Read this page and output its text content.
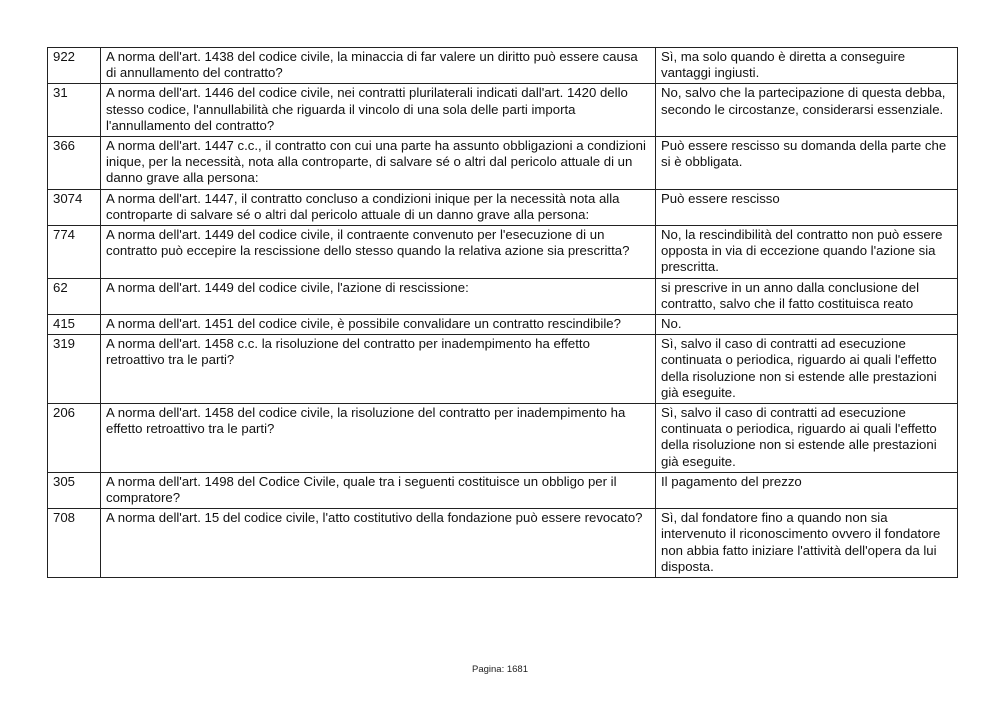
922	A norma dell'art. 1438 del codice civile, la minaccia di far valere un diritto può essere causa di annullamento del contratto?	Sì, ma solo quando è diretta a conseguire vantaggi ingiusti.
31	A norma dell'art. 1446 del codice civile, nei contratti plurilaterali indicati dall'art. 1420 dello stesso codice, l'annullabilità che riguarda il vincolo di una sola delle parti importa l'annullamento del contratto?	No, salvo che la partecipazione di questa debba, secondo le circostanze, considerarsi essenziale.
366	A norma dell'art. 1447 c.c., il contratto con cui una parte ha assunto obbligazioni a condizioni inique, per la necessità, nota alla controparte, di salvare sé o altri dal pericolo attuale di un danno grave alla persona:	Può essere rescisso su domanda della parte che si è obbligata.
3074	A norma dell'art. 1447, il contratto concluso a condizioni inique per la necessità nota alla controparte di salvare sé o altri dal pericolo attuale di un danno grave alla persona:	Può essere rescisso
774	A norma dell'art. 1449 del codice civile, il contraente convenuto per l'esecuzione di un contratto può eccepire la rescissione dello stesso quando la relativa azione sia prescritta?	No, la rescindibilità del contratto non può essere opposta in via di eccezione quando l'azione sia prescritta.
62	A norma dell'art. 1449 del codice civile, l'azione di rescissione:	si prescrive in un anno dalla conclusione del contratto, salvo che il fatto costituisca reato
415	A norma dell'art. 1451 del codice civile, è possibile convalidare un contratto rescindibile?	No.
319	A norma dell'art. 1458 c.c. la risoluzione del contratto per inadempimento ha effetto retroattivo tra le parti?	Sì, salvo il caso di contratti ad esecuzione continuata o periodica, riguardo ai quali l'effetto della risoluzione non si estende alle prestazioni già eseguite.
206	A norma dell'art. 1458 del codice civile, la risoluzione del contratto per inadempimento ha effetto retroattivo tra le parti?	Sì, salvo il caso di contratti ad esecuzione continuata o periodica, riguardo ai quali l'effetto della risoluzione non si estende alle prestazioni già eseguite.
305	A norma dell'art. 1498 del Codice Civile, quale tra i seguenti costituisce un obbligo per il compratore?	Il pagamento del prezzo
708	A norma dell'art. 15 del codice civile, l'atto costitutivo della fondazione può essere revocato?	Sì, dal fondatore fino a quando non sia intervenuto il riconoscimento ovvero il fondatore non abbia fatto iniziare l'attività dell'opera da lui disposta.
Pagina: 1681
